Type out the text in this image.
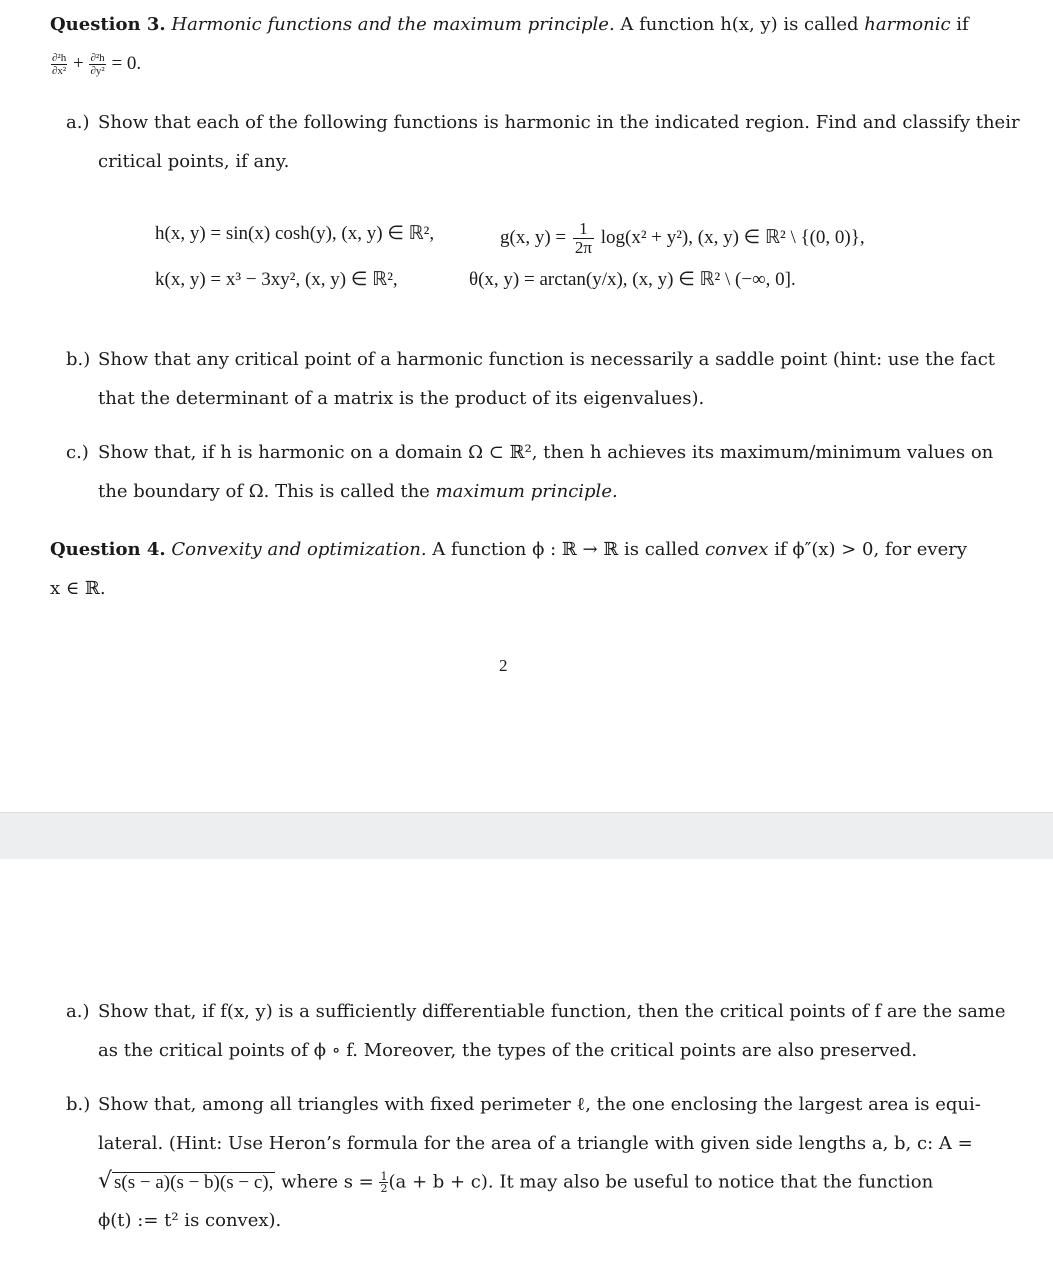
Question 3. Harmonic functions and the maximum principle. A function h(x, y) is called harmonic if
$\frac{\text{∂²h}}{\text{∂x²}} + \frac{\text{∂²h}}{\text{∂y²}} = 0$.
a.) Show that each of the following functions is harmonic in the indicated region. Find and classify their
critical points, if any.
h(x, y) = sin(x) cosh(y), (x, y) ∈ ℝ²,	g(x, $y) = \frac{1}{2\pi} \log(x^2 + y^2)$, (x, y) ∈ ℝ² \ {(0, 0)},
k(x, y) = x³ − 3xy², (x, y) ∈ ℝ²,	θ(x, y) = arctan(y/x), (x, y) ∈ ℝ² \ (−∞, 0].
b.) Show that any critical point of a harmonic function is necessarily a saddle point (hint: use the fact
that the determinant of a matrix is the product of its eigenvalues).
c.) Show that, if h is harmonic on a domain Ω ⊂ ℝ², then h achieves its maximum/minimum values on
the boundary of Ω. This is called the maximum principle.
Question 4. Convexity and optimization. A function ϕ : ℝ → ℝ is called convex if ϕ″(x) > 0, for every
x ∈ ℝ.
2
a.) Show that, if f(x, y) is a sufficiently differentiable function, then the critical points of f are the same
as the critical points of ϕ ∘ f. Moreover, the types of the critical points are also preserved.
b.) Show that, among all triangles with fixed perimeter ℓ, the one enclosing the largest area is equi-
lateral. (Hint: Use Heron’s formula for the area of a triangle with given side lengths a, b, c: A =
√ s(s − a)(s − b)(s − c), where $s = \frac{1}{2} (a + b + c)$. It may also be useful to notice that the function
ϕ(t) := t² is convex).
